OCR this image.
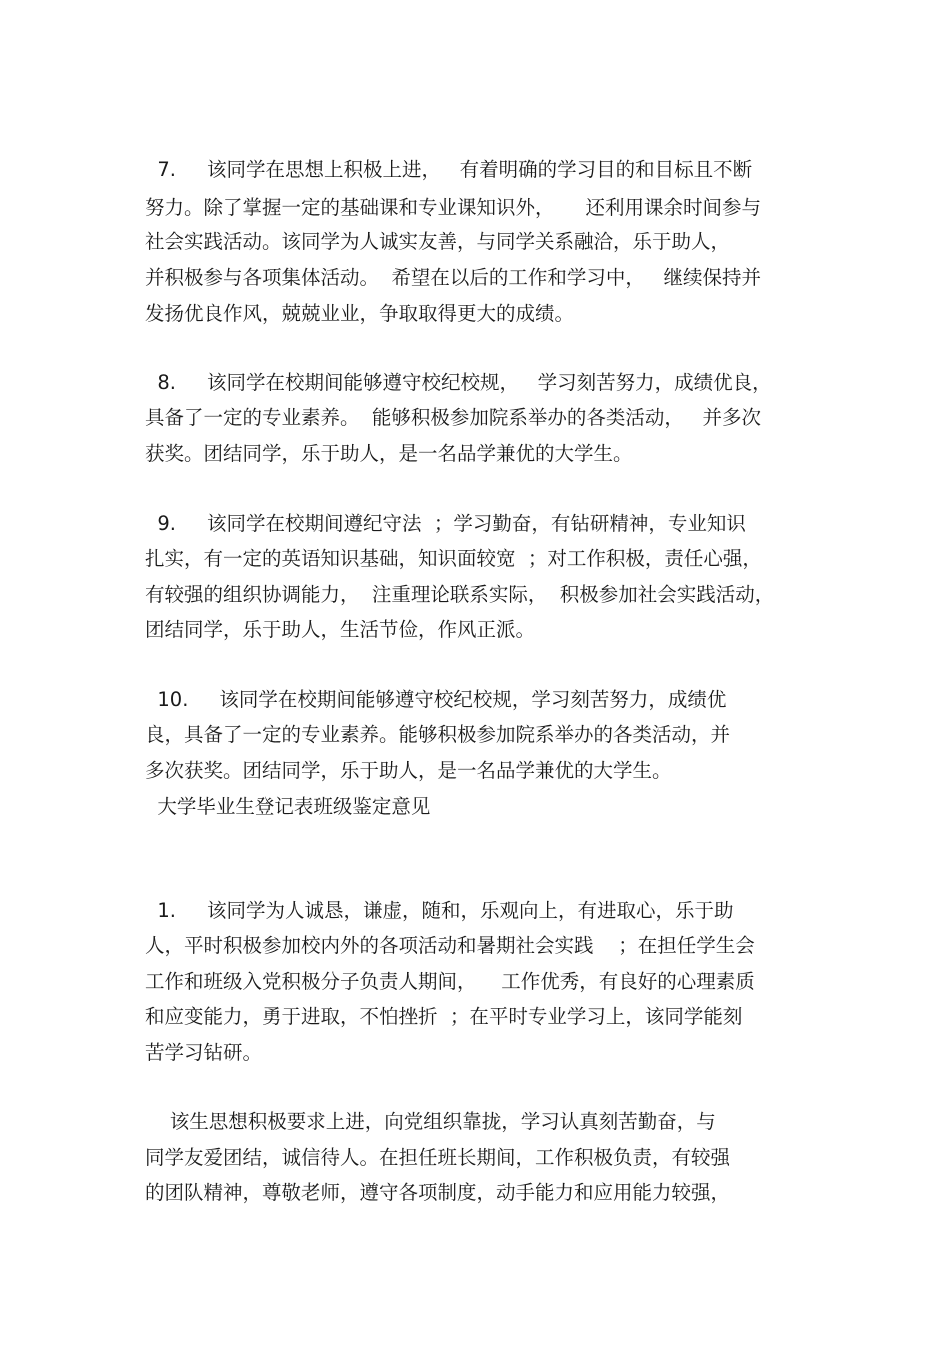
7.     该同学在思想上积极上进，   有着明确的学习目的和目标且不断
努力。除了掌握一定的基础课和专业课知识外，     还利用课余时间参与
社会实践活动。该同学为人诚实友善，与同学关系融洽，乐于助人，
并积极参与各项集体活动。  希望在以后的工作和学习中，   继续保持并
发扬优良作风，兢兢业业，争取取得更大的成绩。
8.     该同学在校期间能够遵守校纪校规，   学习刻苦努力，成绩优良，
具备了一定的专业素养。  能够积极参加院系举办的各类活动，   并多次
获奖。团结同学，乐于助人，是一名品学兼优的大学生。
9.     该同学在校期间遵纪守法  ；学习勤奋，有钻研精神，专业知识
扎实，有一定的英语知识基础，知识面较宽  ；对工作积极，责任心强，
有较强的组织协调能力，  注重理论联系实际，  积极参加社会实践活动，
团结同学，乐于助人，生活节俭，作风正派。
10.     该同学在校期间能够遵守校纪校规，学习刻苦努力，成绩优
良，具备了一定的专业素养。能够积极参加院系举办的各类活动，并
多次获奖。团结同学，乐于助人，是一名品学兼优的大学生。
大学毕业生登记表班级鉴定意见
1.     该同学为人诚恳，谦虚，随和，乐观向上，有进取心，乐于助
人，平时积极参加校内外的各项活动和暑期社会实践    ；在担任学生会
工作和班级入党积极分子负责人期间，    工作优秀，有良好的心理素质
和应变能力，勇于进取，不怕挫折  ；在平时专业学习上，该同学能刻
苦学习钻研。
该生思想积极要求上进，向党组织靠拢，学习认真刻苦勤奋，与
同学友爱团结，诚信待人。在担任班长期间，工作积极负责，有较强
的团队精神，尊敬老师，遵守各项制度，动手能力和应用能力较强，
